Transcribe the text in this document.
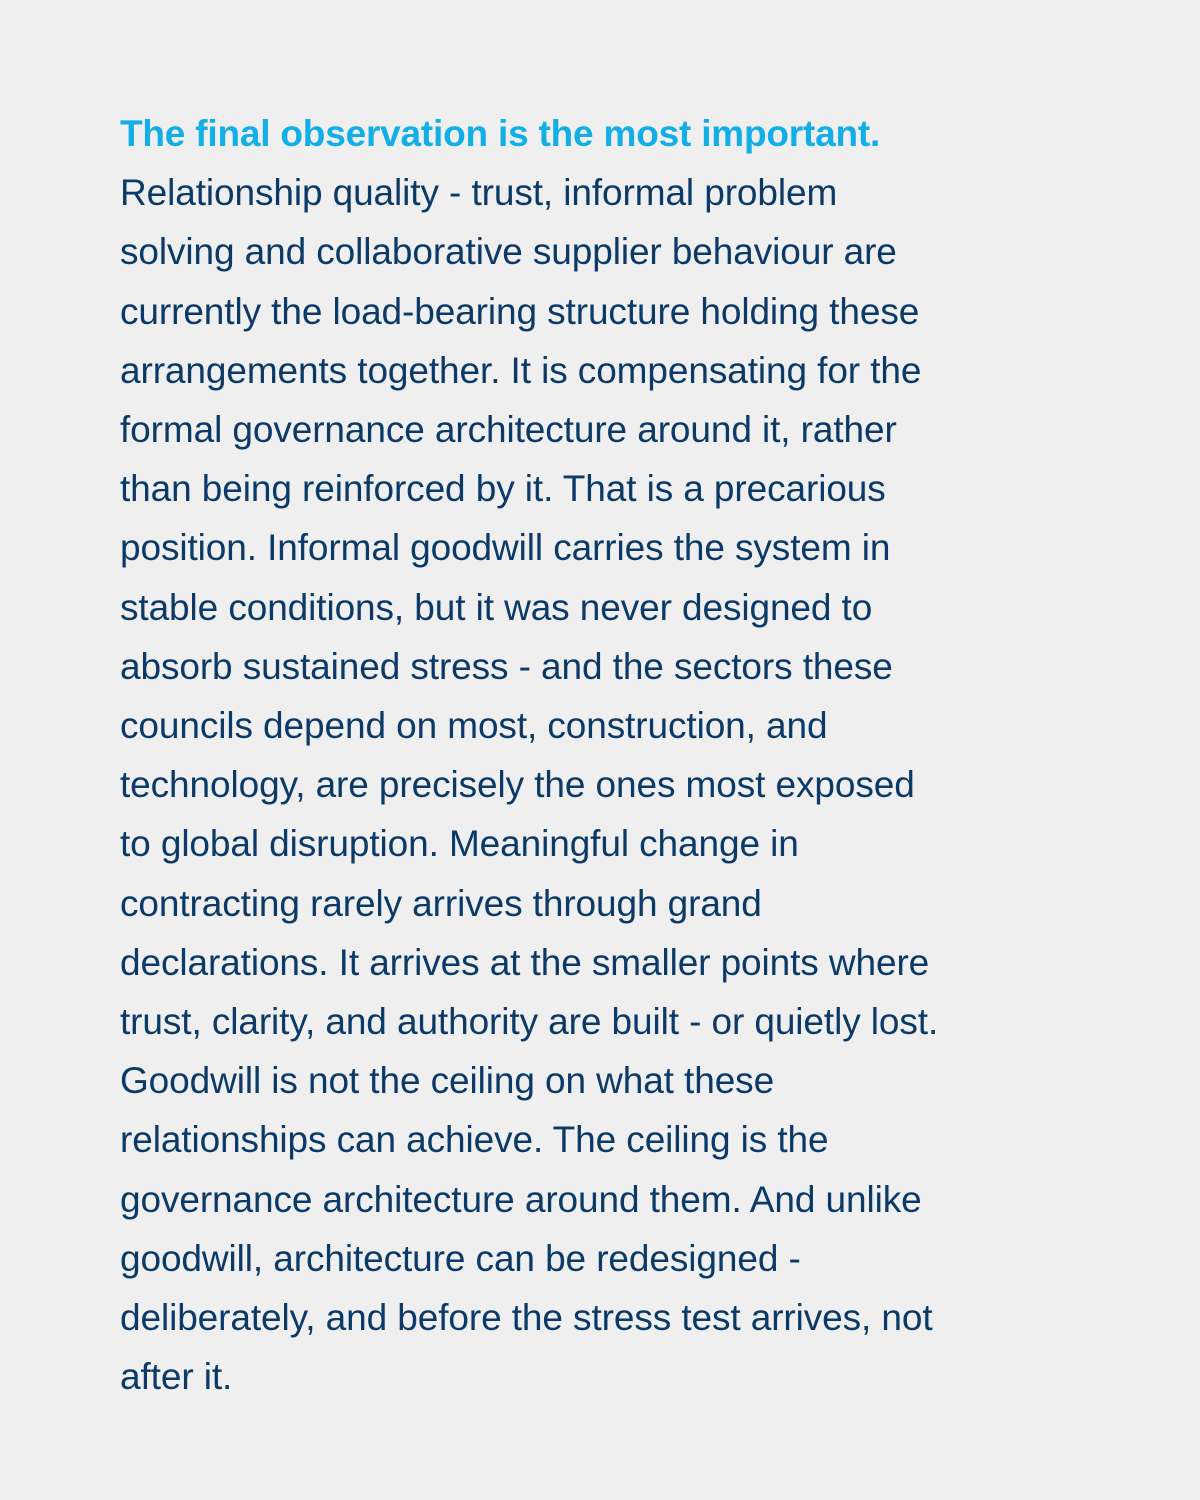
The final observation is the most important.
Relationship quality - trust, informal problem
solving and collaborative supplier behaviour are
currently the load-bearing structure holding these
arrangements together. It is compensating for the
formal governance architecture around it, rather
than being reinforced by it. That is a precarious
position. Informal goodwill carries the system in
stable conditions, but it was never designed to
absorb sustained stress - and the sectors these
councils depend on most, construction, and
technology, are precisely the ones most exposed
to global disruption. Meaningful change in
contracting rarely arrives through grand
declarations. It arrives at the smaller points where
trust, clarity, and authority are built - or quietly lost.
Goodwill is not the ceiling on what these
relationships can achieve. The ceiling is the
governance architecture around them. And unlike
goodwill, architecture can be redesigned -
deliberately, and before the stress test arrives, not
after it.
